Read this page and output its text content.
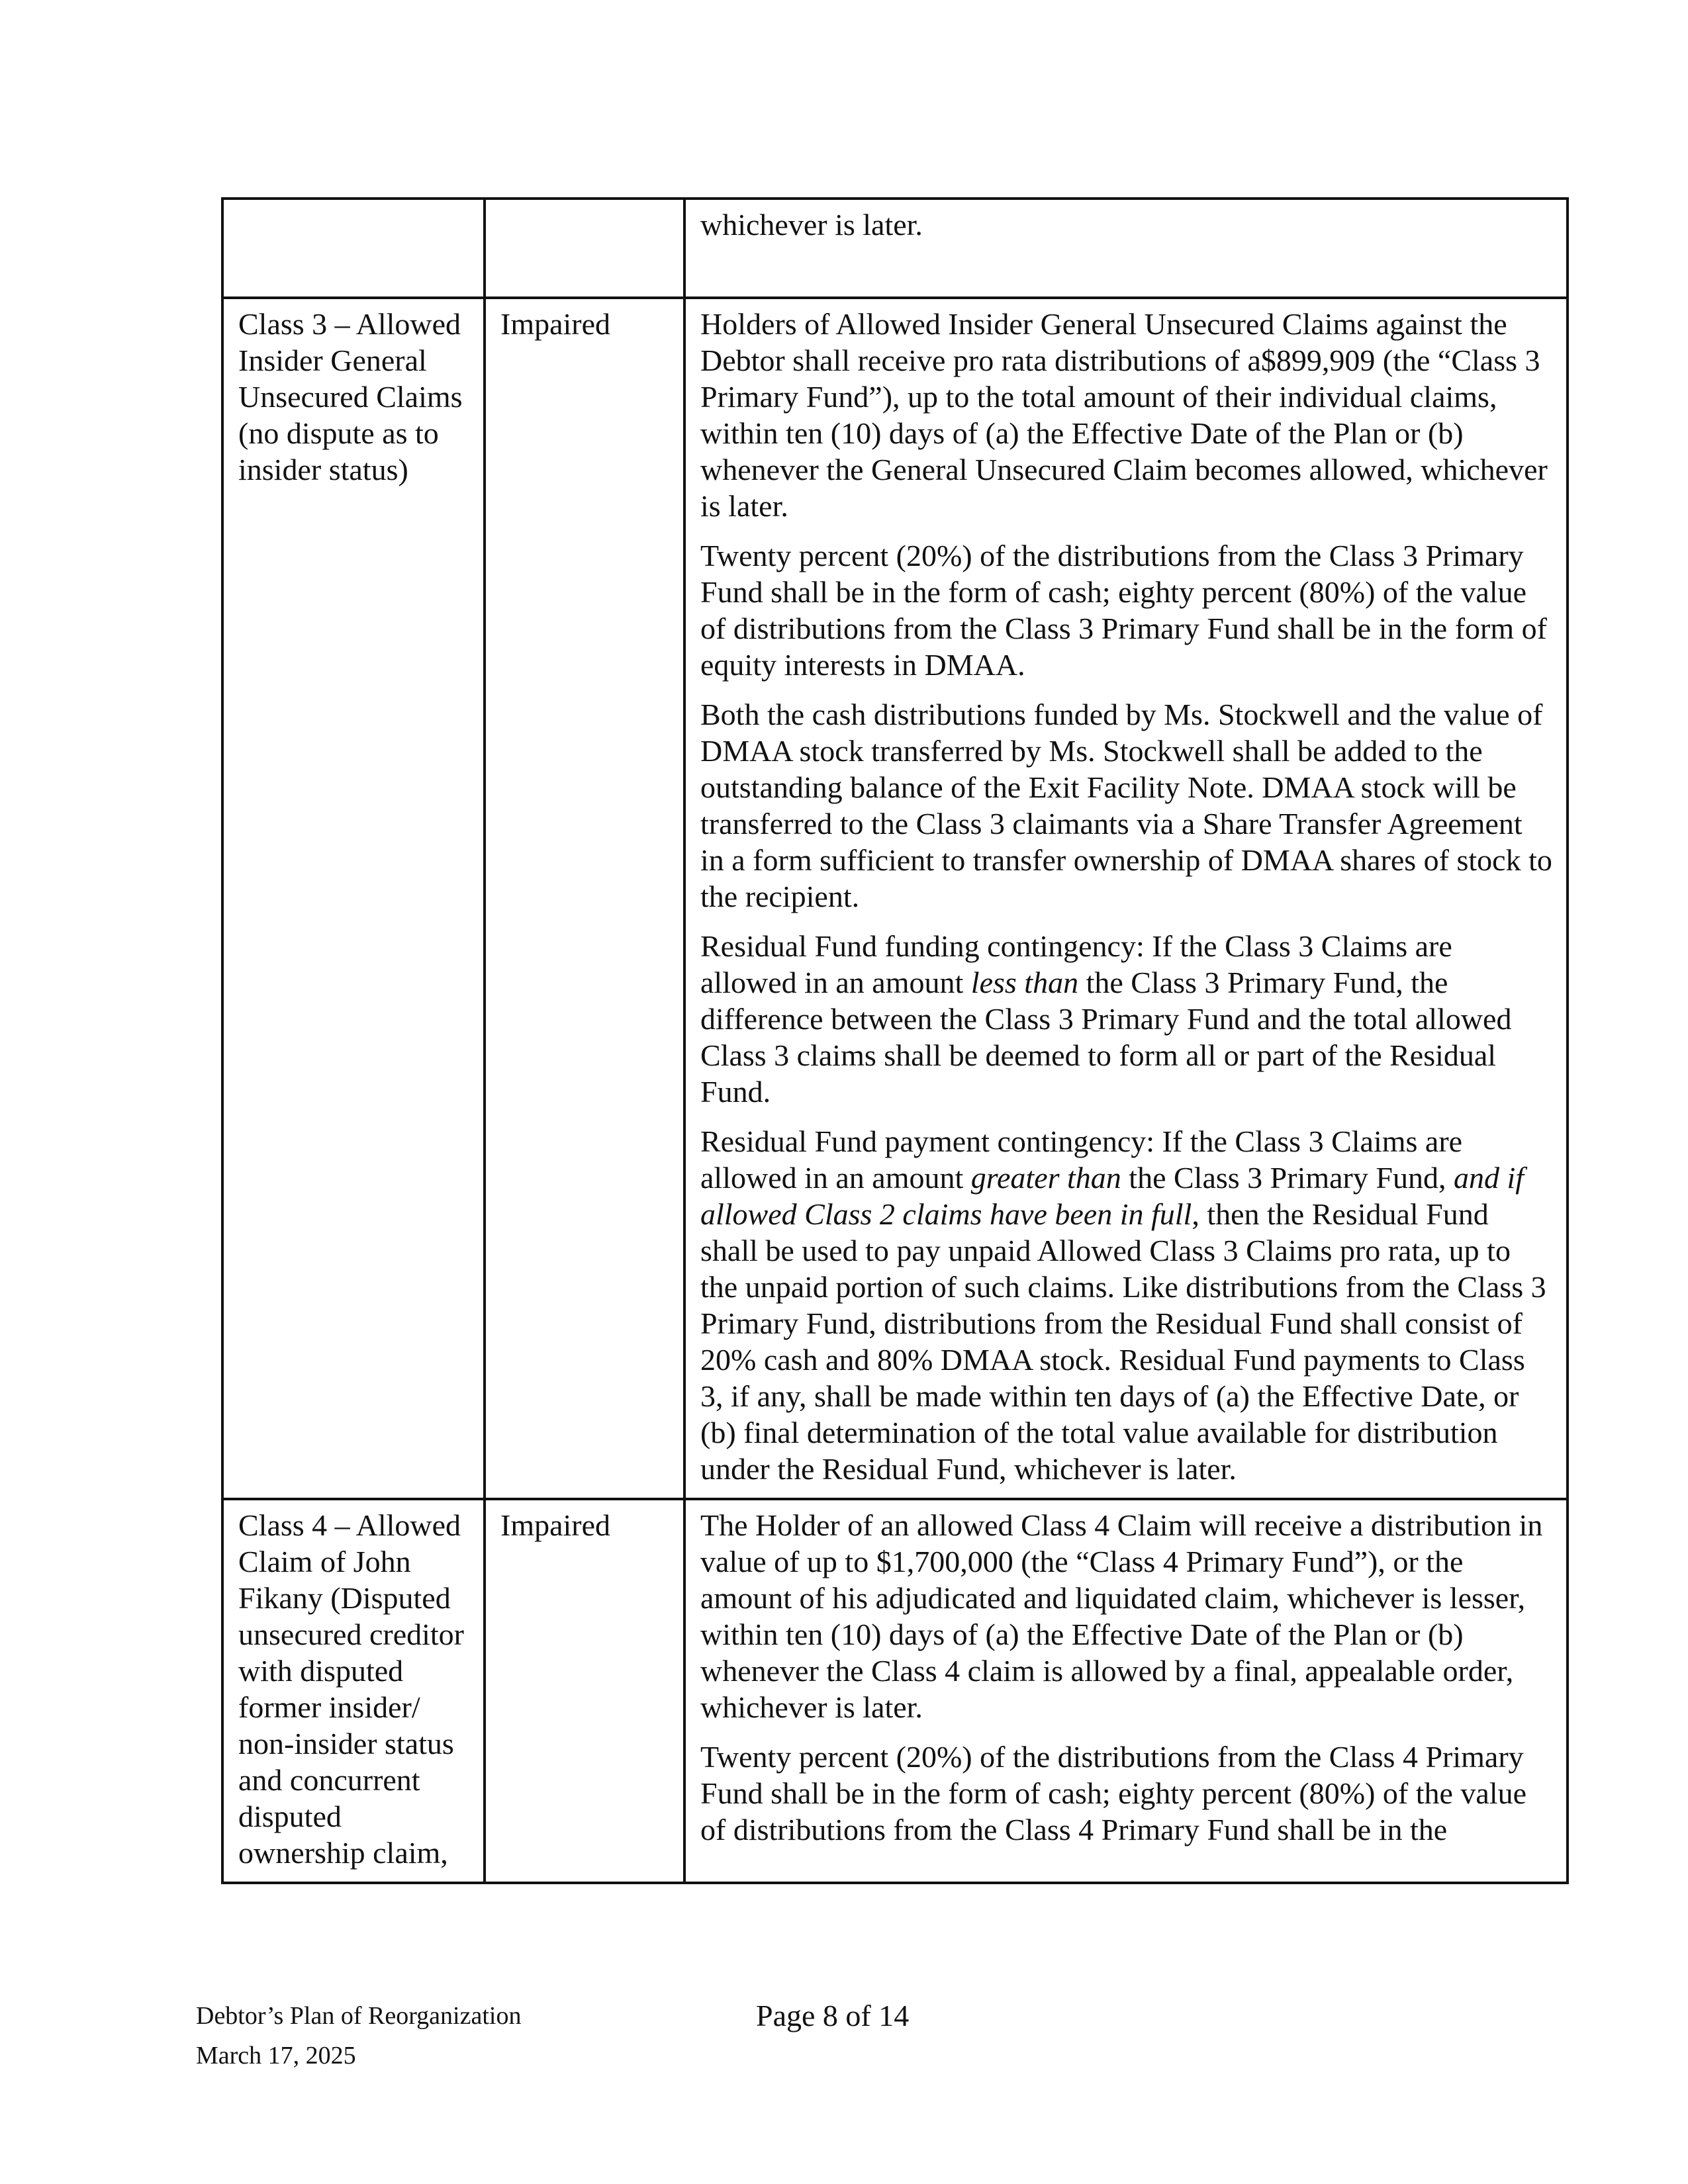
		whichever is later.

Class 3 – Allowed Insider General Unsecured Claims (no dispute as to insider status)	Impaired	Holders of Allowed Insider General Unsecured Claims against the Debtor shall receive pro rata distributions of a$899,909 (the “Class 3 Primary Fund”), up to the total amount of their individual claims, within ten (10) days of (a) the Effective Date of the Plan or (b) whenever the General Unsecured Claim becomes allowed, whichever is later.

Twenty percent (20%) of the distributions from the Class 3 Primary Fund shall be in the form of cash; eighty percent (80%) of the value of distributions from the Class 3 Primary Fund shall be in the form of equity interests in DMAA.

Both the cash distributions funded by Ms. Stockwell and the value of DMAA stock transferred by Ms. Stockwell shall be added to the outstanding balance of the Exit Facility Note. DMAA stock will be transferred to the Class 3 claimants via a Share Transfer Agreement in a form sufficient to transfer ownership of DMAA shares of stock to the recipient.

Residual Fund funding contingency: If the Class 3 Claims are allowed in an amount less than the Class 3 Primary Fund, the difference between the Class 3 Primary Fund and the total allowed Class 3 claims shall be deemed to form all or part of the Residual Fund.

Residual Fund payment contingency: If the Class 3 Claims are allowed in an amount greater than the Class 3 Primary Fund, and if allowed Class 2 claims have been in full, then the Residual Fund shall be used to pay unpaid Allowed Class 3 Claims pro rata, up to the unpaid portion of such claims. Like distributions from the Class 3 Primary Fund, distributions from the Residual Fund shall consist of 20% cash and 80% DMAA stock. Residual Fund payments to Class 3, if any, shall be made within ten days of (a) the Effective Date, or (b) final determination of the total value available for distribution under the Residual Fund, whichever is later.

Class 4 – Allowed Claim of John Fikany (Disputed unsecured creditor with disputed former insider/ non-insider status and concurrent disputed ownership claim,	Impaired	The Holder of an allowed Class 4 Claim will receive a distribution in value of up to $1,700,000 (the “Class 4 Primary Fund”), or the amount of his adjudicated and liquidated claim, whichever is lesser, within ten (10) days of (a) the Effective Date of the Plan or (b) whenever the Class 4 claim is allowed by a final, appealable order, whichever is later.

Twenty percent (20%) of the distributions from the Class 4 Primary Fund shall be in the form of cash; eighty percent (80%) of the value of distributions from the Class 4 Primary Fund shall be in the

Debtor’s Plan of Reorganization
March 17, 2025
Page 8 of 14
